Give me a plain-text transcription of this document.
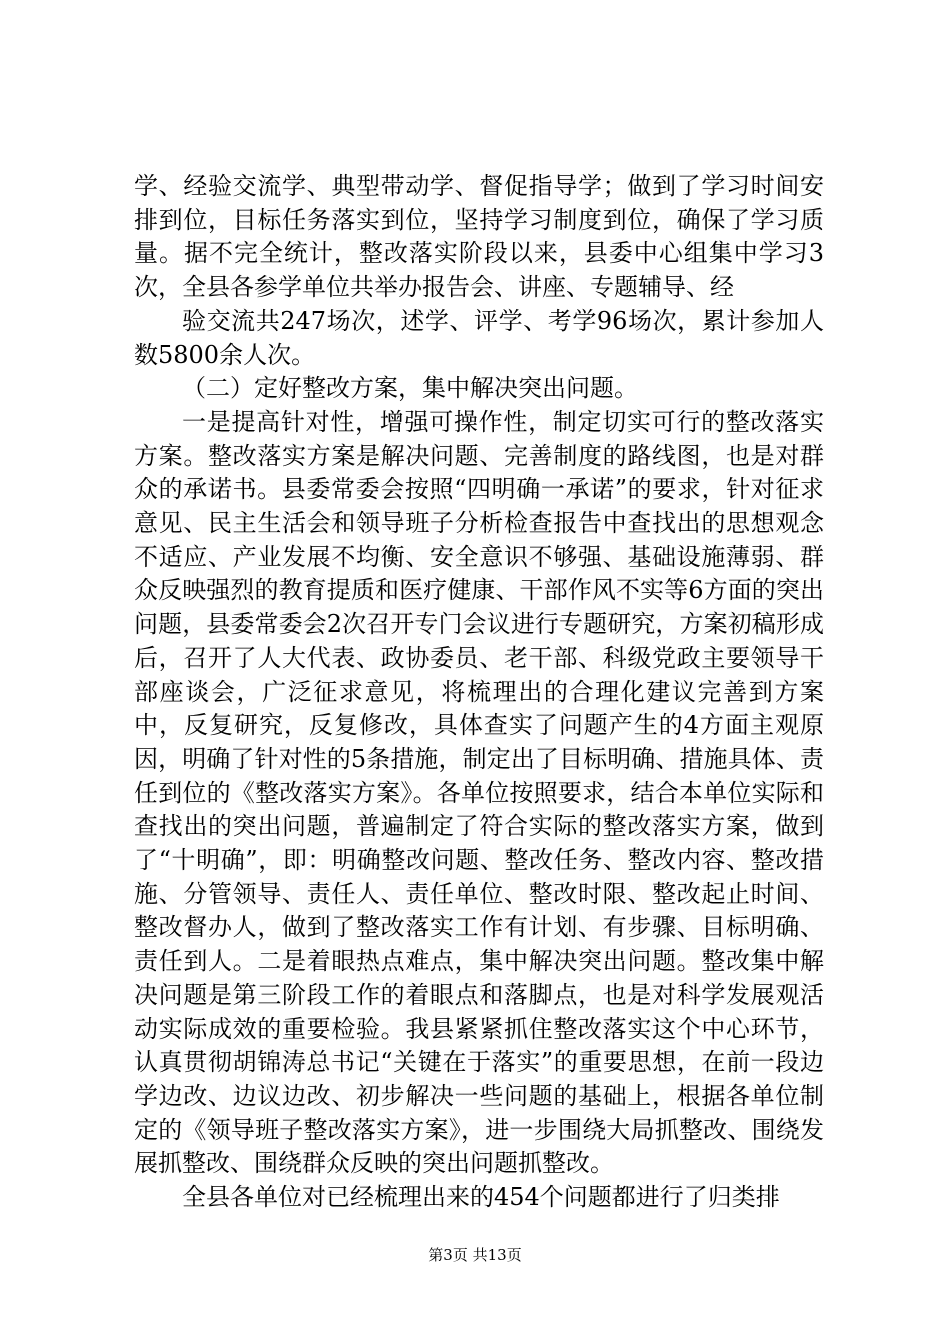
学、经验交流学、典型带动学、督促指导学；做到了学习时间安排到位，目标任务落实到位，坚持学习制度到位，确保了学习质量。据不完全统计，整改落实阶段以来，县委中心组集中学习3次，全县各参学单位共举办报告会、讲座、专题辅导、经

验交流共247场次，述学、评学、考学96场次，累计参加人数5800余人次。

（二）定好整改方案，集中解决突出问题。

一是提高针对性，增强可操作性，制定切实可行的整改落实方案。整改落实方案是解决问题、完善制度的路线图，也是对群众的承诺书。县委常委会按照“四明确一承诺”的要求，针对征求意见、民主生活会和领导班子分析检查报告中查找出的思想观念不适应、产业发展不均衡、安全意识不够强、基础设施薄弱、群众反映强烈的教育提质和医疗健康、干部作风不实等6方面的突出问题，县委常委会2次召开专门会议进行专题研究，方案初稿形成后，召开了人大代表、政协委员、老干部、科级党政主要领导干部座谈会，广泛征求意见，将梳理出的合理化建议完善到方案中，反复研究，反复修改，具体查实了问题产生的4方面主观原因，明确了针对性的5条措施，制定出了目标明确、措施具体、责任到位的《整改落实方案》。各单位按照要求，结合本单位实际和查找出的突出问题，普遍制定了符合实际的整改落实方案，做到了“十明确”，即：明确整改问题、整改任务、整改内容、整改措施、分管领导、责任人、责任单位、整改时限、整改起止时间、整改督办人，做到了整改落实工作有计划、有步骤、目标明确、责任到人。二是着眼热点难点，集中解决突出问题。整改集中解决问题是第三阶段工作的着眼点和落脚点，也是对科学发展观活动实际成效的重要检验。我县紧紧抓住整改落实这个中心环节，认真贯彻胡锦涛总书记“关键在于落实”的重要思想，在前一段边学边改、边议边改、初步解决一些问题的基础上，根据各单位制定的《领导班子整改落实方案》，进一步围绕大局抓整改、围绕发展抓整改、围绕群众反映的突出问题抓整改。

全县各单位对已经梳理出来的454个问题都进行了归类排

第3页 共13页
